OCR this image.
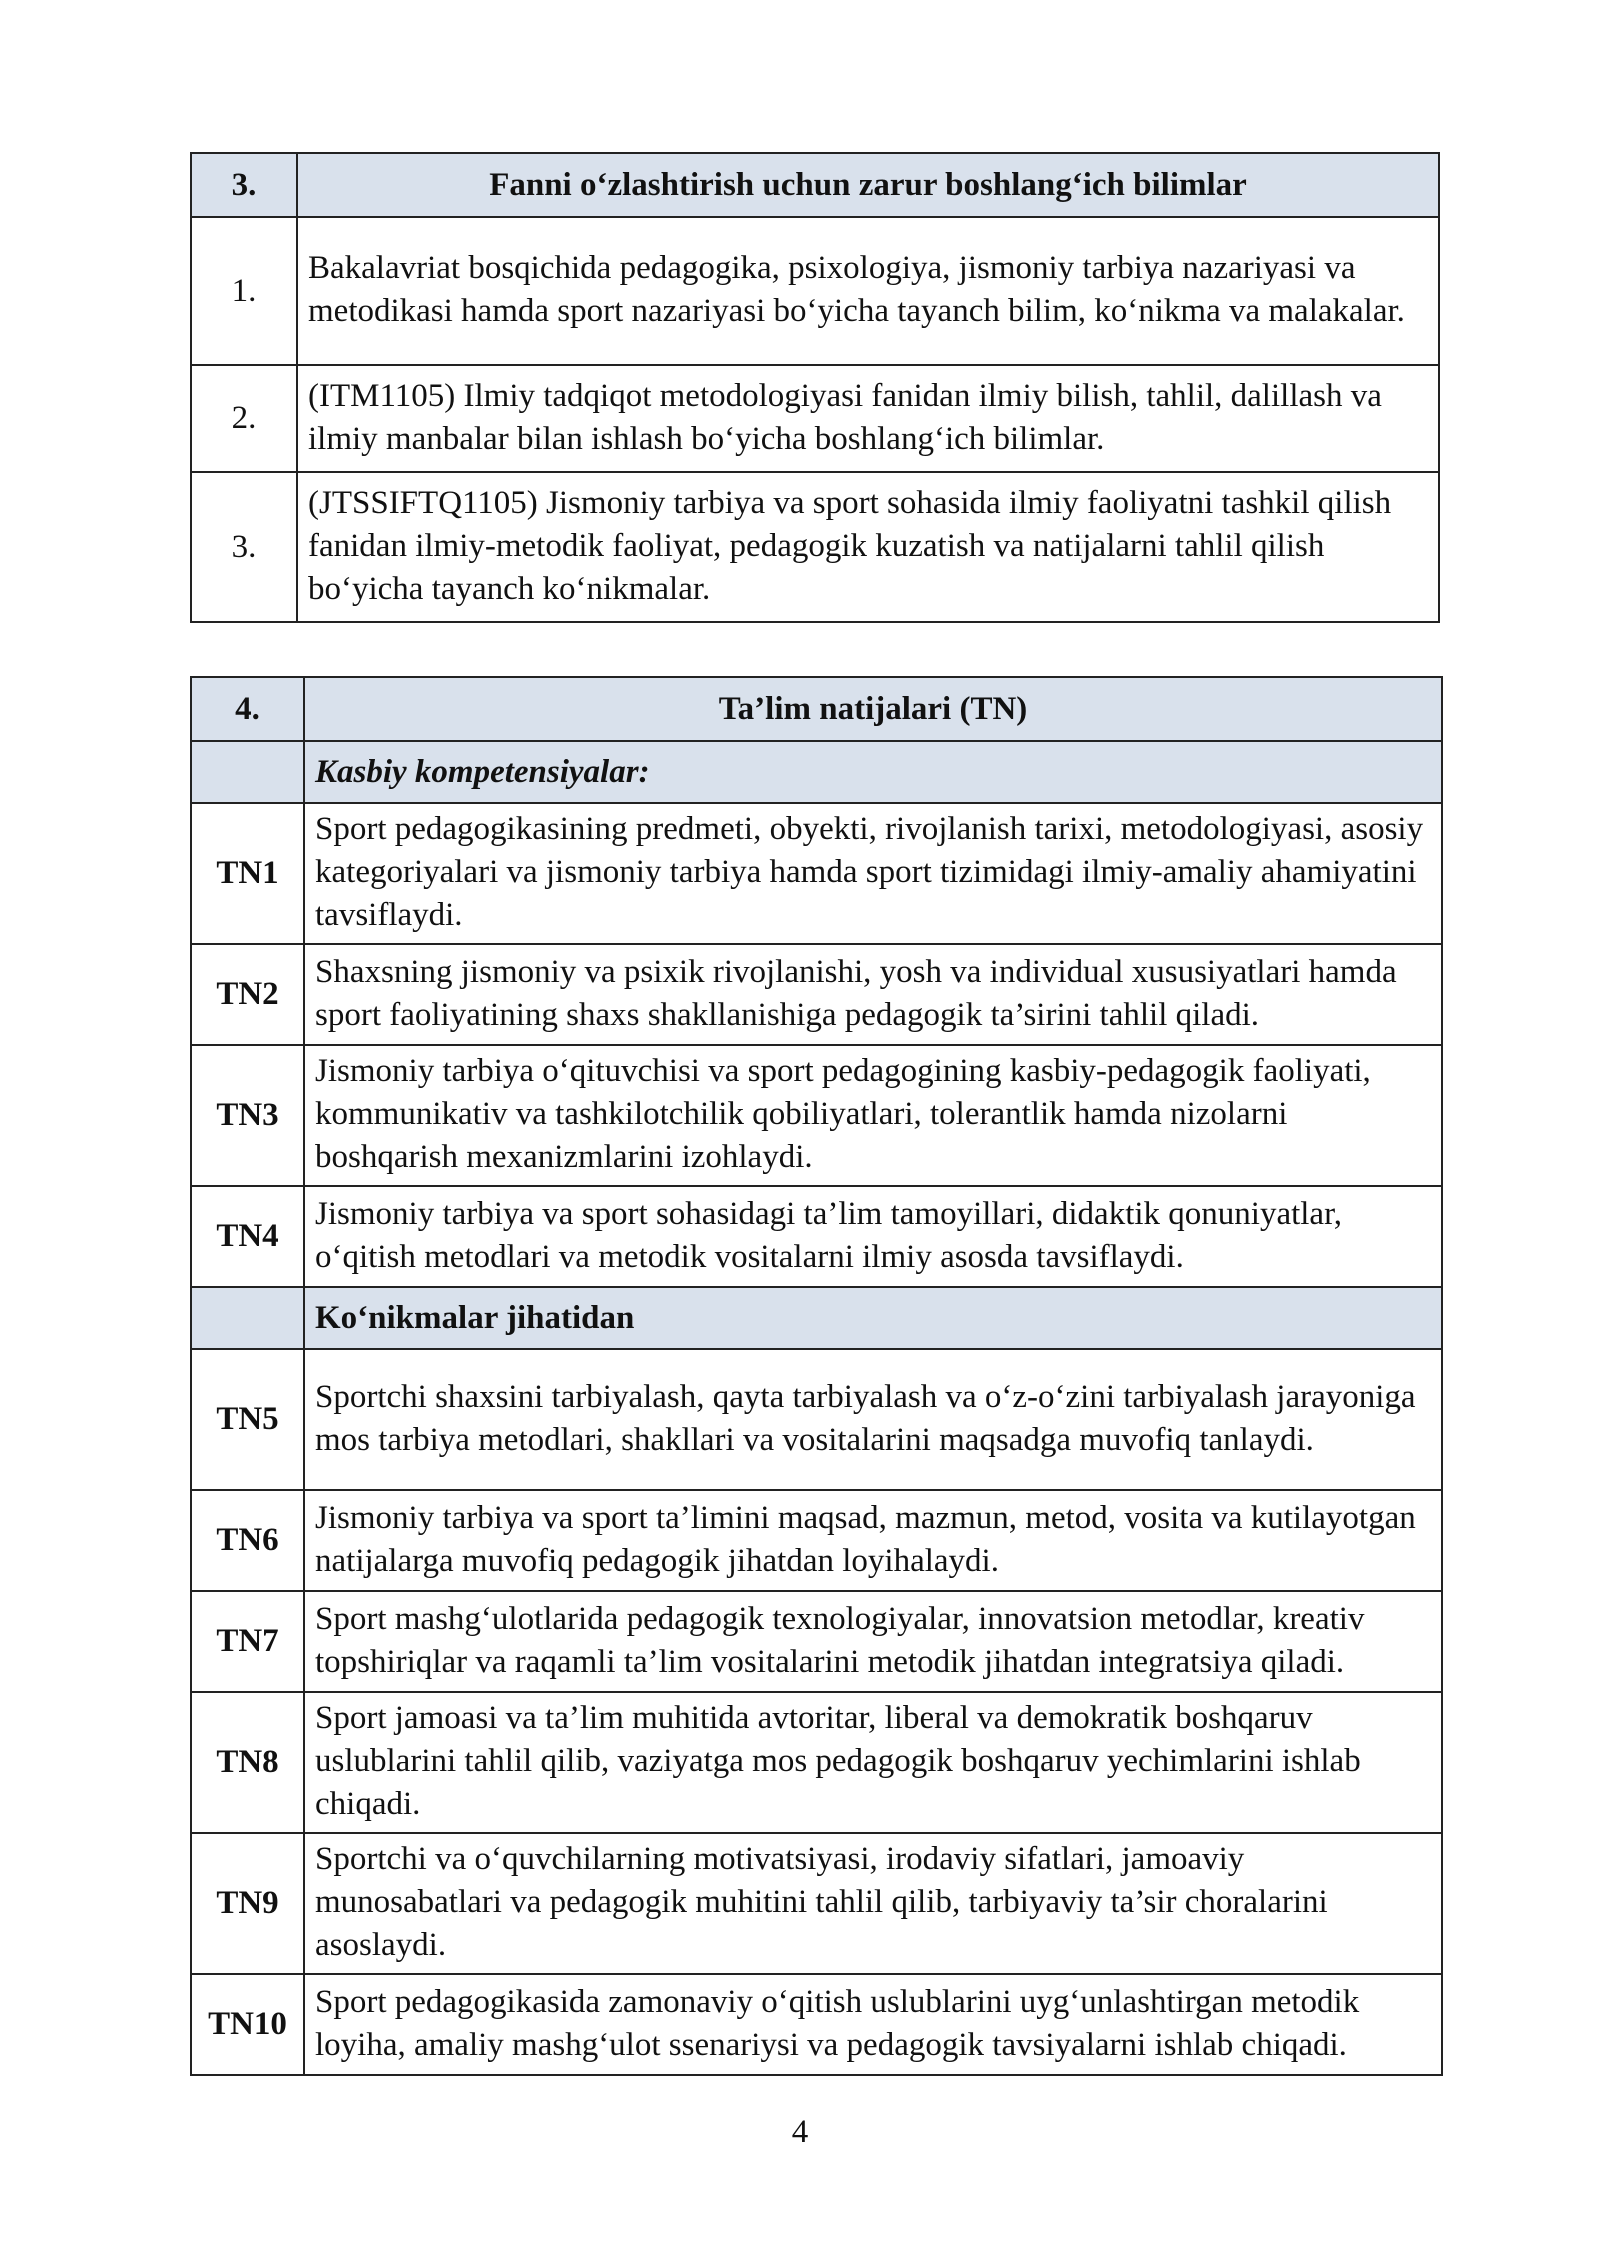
3.	Fanni o‘zlashtirish uchun zarur boshlang‘ich bilimlar
1.	Bakalavriat bosqichida pedagogika, psixologiya, jismoniy tarbiya nazariyasi va metodikasi hamda sport nazariyasi bo‘yicha tayanch bilim, ko‘nikma va malakalar.
2.	(ITM1105) Ilmiy tadqiqot metodologiyasi fanidan ilmiy bilish, tahlil, dalillash va ilmiy manbalar bilan ishlash bo‘yicha boshlang‘ich bilimlar.
3.	(JTSSIFTQ1105) Jismoniy tarbiya va sport sohasida ilmiy faoliyatni tashkil qilish fanidan ilmiy-metodik faoliyat, pedagogik kuzatish va natijalarni tahlil qilish bo‘yicha tayanch ko‘nikmalar.
4.	Ta’lim natijalari (TN)
	Kasbiy kompetensiyalar:
TN1	Sport pedagogikasining predmeti, obyekti, rivojlanish tarixi, metodologiyasi, asosiy kategoriyalari va jismoniy tarbiya hamda sport tizimidagi ilmiy-amaliy ahamiyatini tavsiflaydi.
TN2	Shaxsning jismoniy va psixik rivojlanishi, yosh va individual xususiyatlari hamda sport faoliyatining shaxs shakllanishiga pedagogik ta’sirini tahlil qiladi.
TN3	Jismoniy tarbiya o‘qituvchisi va sport pedagogining kasbiy-pedagogik faoliyati, kommunikativ va tashkilotchilik qobiliyatlari, tolerantlik hamda nizolarni boshqarish mexanizmlarini izohlaydi.
TN4	Jismoniy tarbiya va sport sohasidagi ta’lim tamoyillari, didaktik qonuniyatlar, o‘qitish metodlari va metodik vositalarni ilmiy asosda tavsiflaydi.
	Ko‘nikmalar jihatidan
TN5	Sportchi shaxsini tarbiyalash, qayta tarbiyalash va o‘z-o‘zini tarbiyalash jarayoniga mos tarbiya metodlari, shakllari va vositalarini maqsadga muvofiq tanlaydi.
TN6	Jismoniy tarbiya va sport ta’limini maqsad, mazmun, metod, vosita va kutilayotgan natijalarga muvofiq pedagogik jihatdan loyihalaydi.
TN7	Sport mashg‘ulotlarida pedagogik texnologiyalar, innovatsion metodlar, kreativ topshiriqlar va raqamli ta’lim vositalarini metodik jihatdan integratsiya qiladi.
TN8	Sport jamoasi va ta’lim muhitida avtoritar, liberal va demokratik boshqaruv uslublarini tahlil qilib, vaziyatga mos pedagogik boshqaruv yechimlarini ishlab chiqadi.
TN9	Sportchi va o‘quvchilarning motivatsiyasi, irodaviy sifatlari, jamoaviy munosabatlari va pedagogik muhitini tahlil qilib, tarbiyaviy ta’sir choralarini asoslaydi.
TN10	Sport pedagogikasida zamonaviy o‘qitish uslublarini uyg‘unlashtirgan metodik loyiha, amaliy mashg‘ulot ssenariysi va pedagogik tavsiyalarni ishlab chiqadi.
4
